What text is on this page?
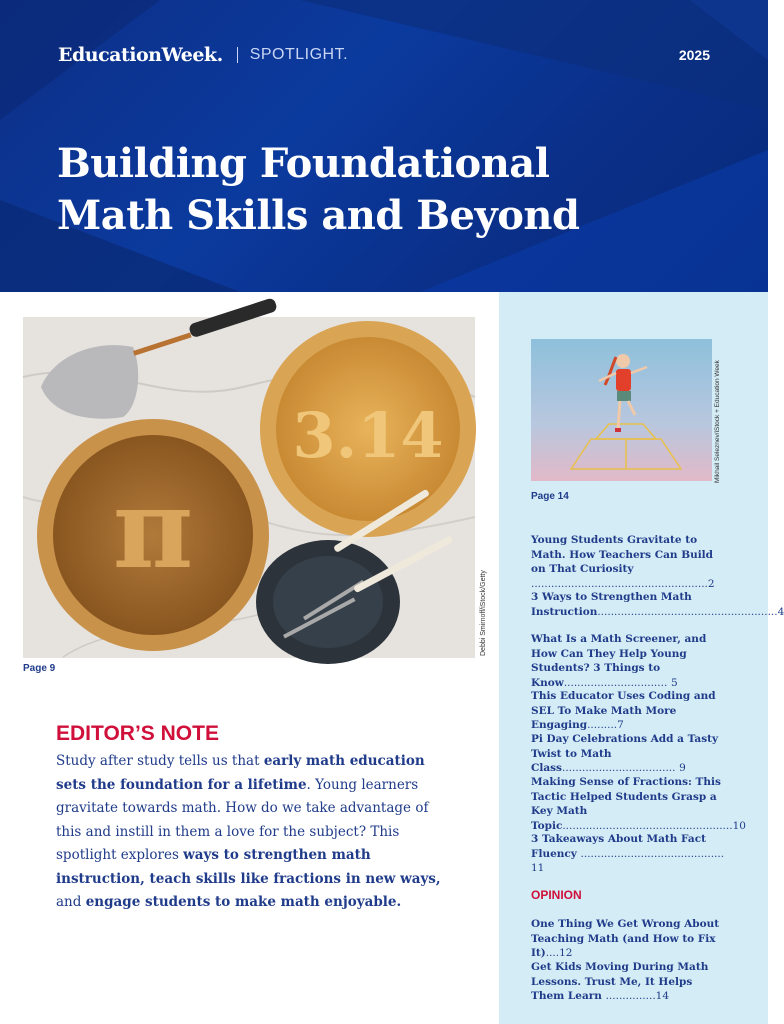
EducationWeek. SPOTLIGHT.	2025
Building Foundational
Math Skills and Beyond
π
3.14
Debbi Smirnoff/iStock/Getty
Page 9
EDITOR’S NOTE
Study after study tells us that early math education sets the foundation for a lifetime. Young learners gravitate towards math. How do we take advantage of this and instill in them a love for the subject? This spotlight explores ways to strengthen math instruction, teach skills like fractions in new ways, and engage students to make math enjoyable.
Mikhail Seleznev/iStock + Education Week
Page 14
Young Students Gravitate to Math. How Teachers Can Build on That Curiosity .....................................................2
3 Ways to Strengthen Math Instruction......................................................4
What Is a Math Screener, and How Can They Help Young Students? 3 Things to Know............................... 5
This Educator Uses Coding and SEL To Make Math More Engaging.........7
Pi Day Celebrations Add a Tasty Twist to Math Class.................................. 9
Making Sense of Fractions: This Tactic Helped Students Grasp a Key Math Topic...................................................10
3 Takeaways About Math Fact Fluency ........................................... 11
OPINION
One Thing We Get Wrong About Teaching Math (and How to Fix It)....12
Get Kids Moving During Math Lessons. Trust Me, It Helps Them Learn ...............14
